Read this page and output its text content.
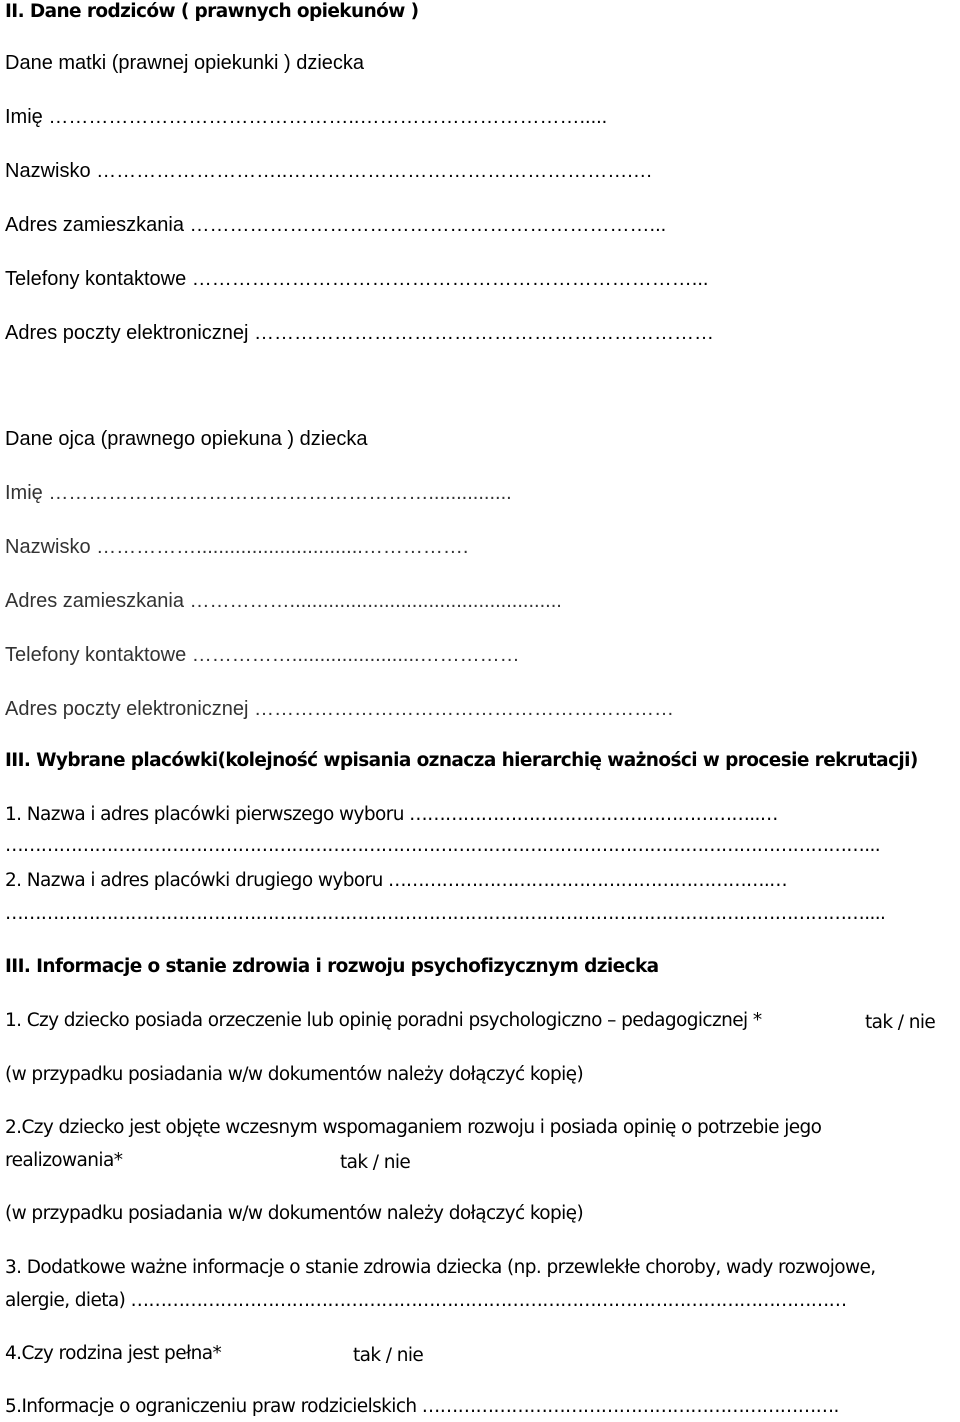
II. Dane rodziców ( prawnych opiekunów )

Dane matki (prawnej opiekunki ) dziecka

Imię ………………………………………..…………………………….....

Nazwisko ………………………..…………………………………………….…

Adres zamieszkania ……………………………………………………………...

Telefony kontaktowe …………………………………………………………………...

Adres poczty elektronicznej ……………………………………………………………

Dane ojca (prawnego opiekuna ) dziecka

Imię …………………………………………………...............

Nazwisko ……………..............................…………….

Adres zamieszkania …………….................................................

Telefony kontaktowe …………….......................……………

Adres poczty elektronicznej ………………………………………………………

III. Wybrane placówki(kolejność wpisania oznacza hierarchię ważności w procesie rekrutacji)

1. Nazwa i adres placówki pierwszego wyboru …………………………………………………..…

………………………………………………………………………………………………………………………………...

2. Nazwa i adres placówki drugiego wyboru ……………………………………………………….…

………………………………………………………………………………………………………………………………....

III. Informacje o stanie zdrowia i rozwoju psychofizycznym dziecka

1. Czy dziecko posiada orzeczenie lub opinię poradni psychologiczno – pedagogicznej *	tak / nie

(w przypadku posiadania w/w dokumentów należy dołączyć kopię)

2.Czy dziecko jest objęte wczesnym wspomaganiem rozwoju i posiada opinię o potrzebie jego

realizowania*	tak / nie

(w przypadku posiadania w/w dokumentów należy dołączyć kopię)

3. Dodatkowe ważne informacje o stanie zdrowia dziecka (np. przewlekłe choroby, wady rozwojowe,

alergie, dieta) …………………………………………………………………………………………………………

4.Czy rodzina jest pełna*	tak / nie

5.Informacje o ograniczeniu praw rodzicielskich …………………………………………………………….
